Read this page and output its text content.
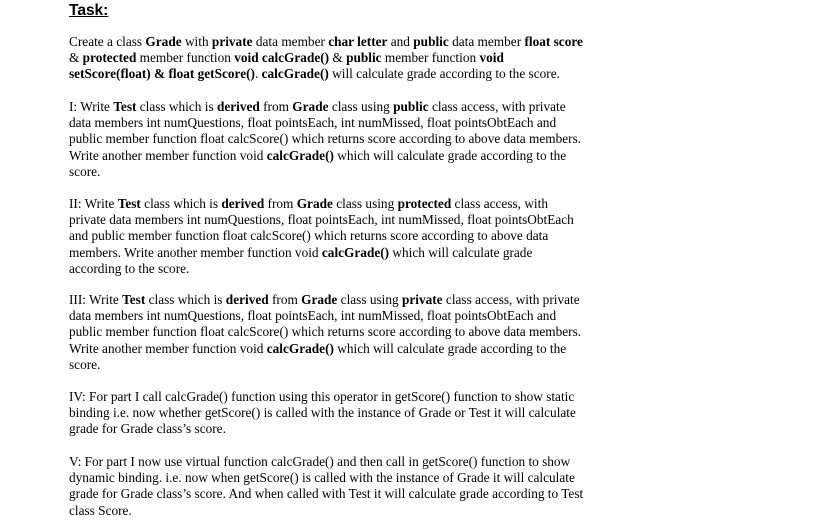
Task:

Create a class Grade with private data member char letter and public data member float score
& protected member function void calcGrade() & public member function void
setScore(float) & float getScore(). calcGrade() will calculate grade according to the score.

I: Write Test class which is derived from Grade class using public class access, with private
data members int numQuestions, float pointsEach, int numMissed, float pointsObtEach and
public member function float calcScore() which returns score according to above data members.
Write another member function void calcGrade() which will calculate grade according to the
score.

II: Write Test class which is derived from Grade class using protected class access, with
private data members int numQuestions, float pointsEach, int numMissed, float pointsObtEach
and public member function float calcScore() which returns score according to above data
members. Write another member function void calcGrade() which will calculate grade
according to the score.

III: Write Test class which is derived from Grade class using private class access, with private
data members int numQuestions, float pointsEach, int numMissed, float pointsObtEach and
public member function float calcScore() which returns score according to above data members.
Write another member function void calcGrade() which will calculate grade according to the
score.

IV: For part I call calcGrade() function using this operator in getScore() function to show static
binding i.e. now whether getScore() is called with the instance of Grade or Test it will calculate
grade for Grade class’s score.

V: For part I now use virtual function calcGrade() and then call in getScore() function to show
dynamic binding. i.e. now when getScore() is called with the instance of Grade it will calculate
grade for Grade class’s score. And when called with Test it will calculate grade according to Test
class Score.
